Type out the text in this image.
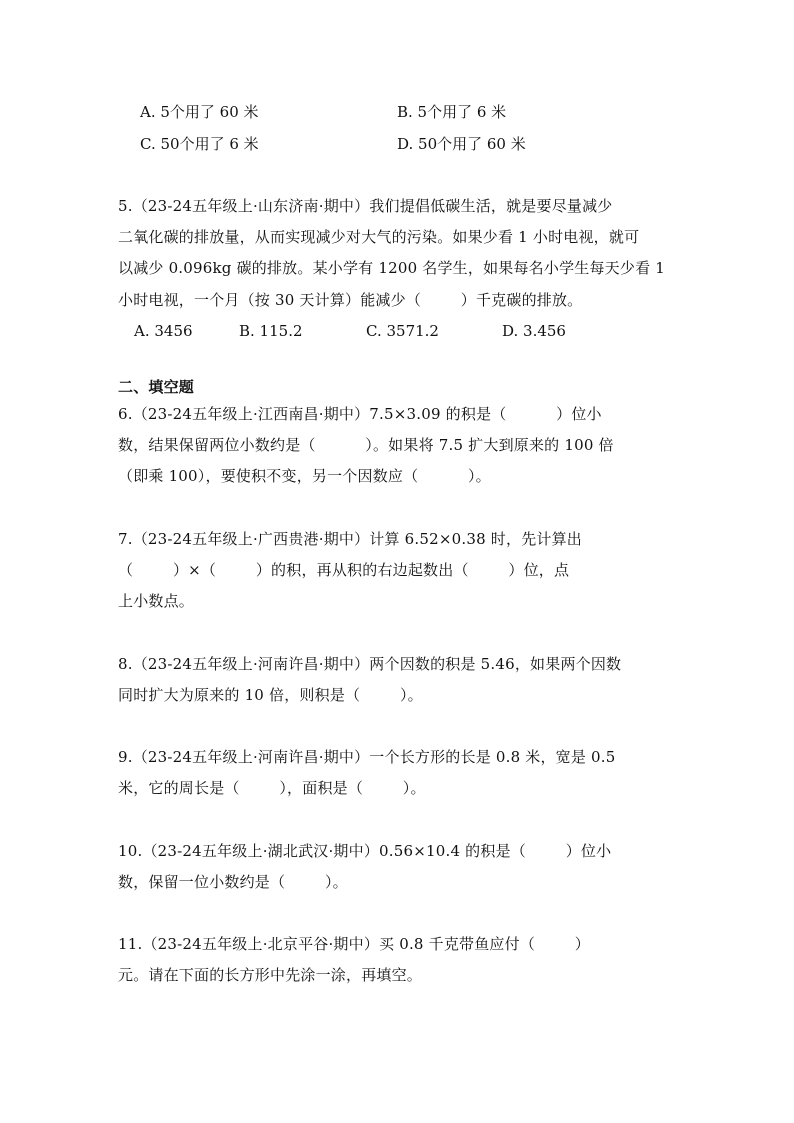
A. 5个用了 60 米	B. 5个用了 6 米
C. 50个用了 6 米	D. 50个用了 60 米
5.（23-24五年级上·山东济南·期中）我们提倡低碳生活，就是要尽量减少
二氧化碳的排放量，从而实现减少对大气的污染。如果少看 1 小时电视，就可
以减少 0.096kg 碳的排放。某小学有 1200 名学生，如果每名小学生每天少看 1
小时电视，一个月（按 30 天计算）能减少（        ）千克碳的排放。
A. 3456	B. 115.2	C. 3571.2	D. 3.456
二、填空题
6.（23-24五年级上·江西南昌·期中）7.5×3.09 的积是（          ）位小
数，结果保留两位小数约是（          ）。如果将 7.5 扩大到原来的 100 倍
（即乘 100），要使积不变，另一个因数应（          ）。
7.（23-24五年级上·广西贵港·期中）计算 6.52×0.38 时，先计算出
（        ）×（        ）的积，再从积的右边起数出（        ）位，点
上小数点。
8.（23-24五年级上·河南许昌·期中）两个因数的积是 5.46，如果两个因数
同时扩大为原来的 10 倍，则积是（        ）。
9.（23-24五年级上·河南许昌·期中）一个长方形的长是 0.8 米，宽是 0.5
米，它的周长是（        ），面积是（        ）。
10.（23-24五年级上·湖北武汉·期中）0.56×10.4 的积是（        ）位小
数，保留一位小数约是（        ）。
11.（23-24五年级上·北京平谷·期中）买 0.8 千克带鱼应付（        ）
元。请在下面的长方形中先涂一涂，再填空。
